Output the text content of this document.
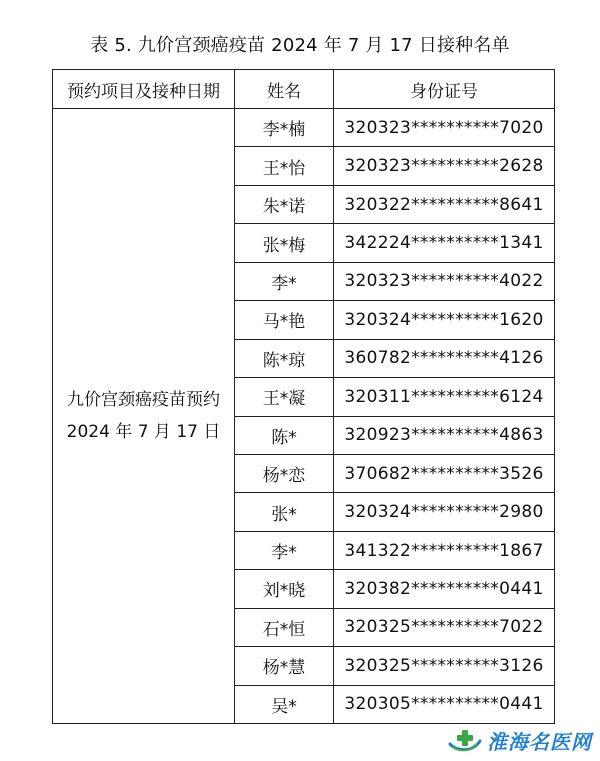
表 5. 九价宫颈癌疫苗 2024 年 7 月 17 日接种名单
预约项目及接种日期	姓名	身份证号

九价宫颈癌疫苗预约
2024 年 7 月 17 日	李*楠	320323**********7020
	王*怡	320323**********2628
	朱*诺	320322**********8641
	张*梅	342224**********1341
	李*	320323**********4022
	马*艳	320324**********1620
	陈*琼	360782**********4126
	王*凝	320311**********6124
	陈*	320923**********4863
	杨*恋	370682**********3526
	张*	320324**********2980
	李*	341322**********1867
	刘*晓	320382**********0441
	石*恒	320325**********7022
	杨*慧	320325**********3126
	吴*	320305**********0441
淮海名医网
